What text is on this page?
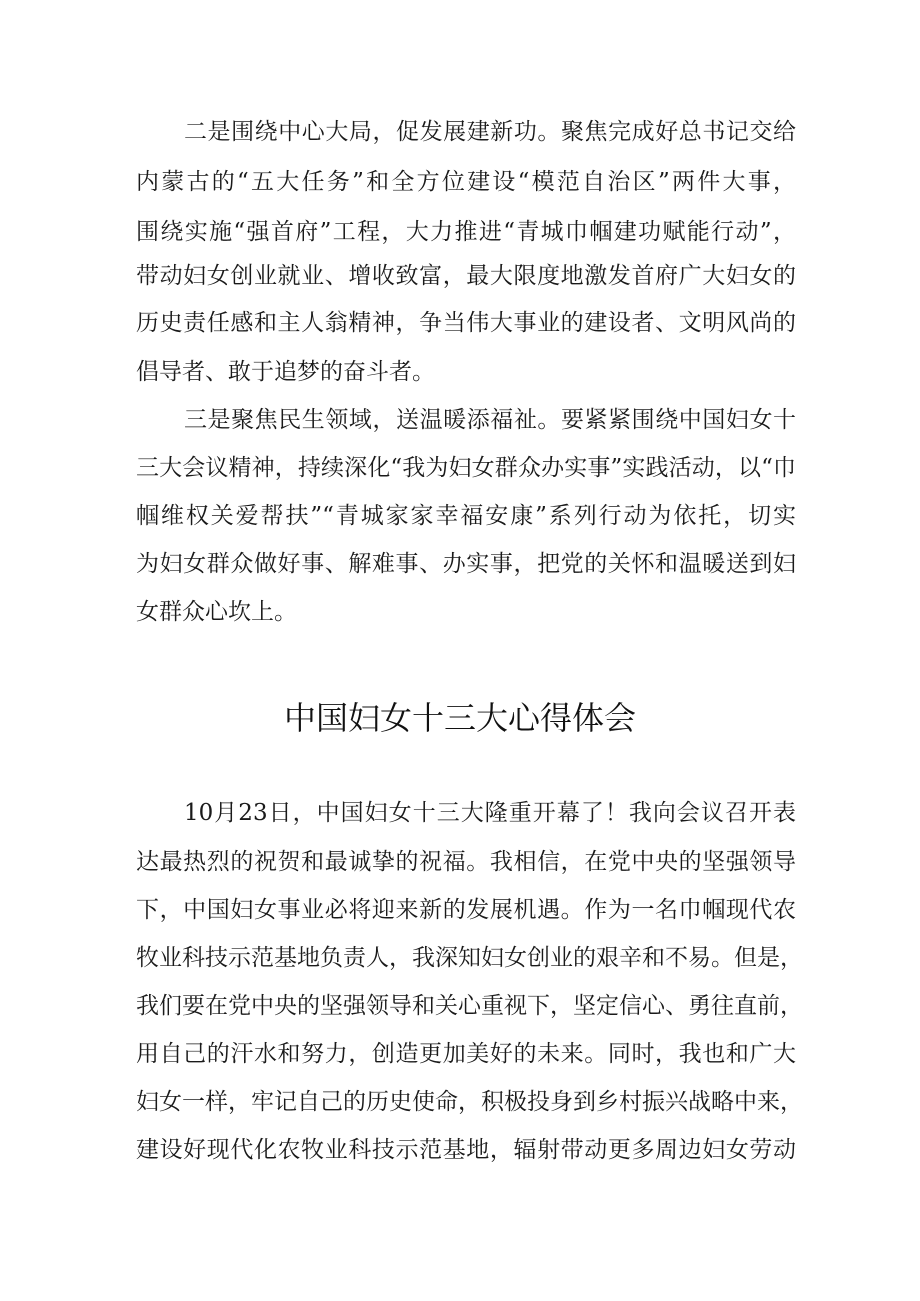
二是围绕中心大局，促发展建新功。聚焦完成好总书记交给
内蒙古的“五大任务”和全方位建设“模范自治区”两件大事，
围绕实施“强首府”工程，大力推进“青城巾帼建功赋能行动”，
带动妇女创业就业、增收致富，最大限度地激发首府广大妇女的
历史责任感和主人翁精神，争当伟大事业的建设者、文明风尚的
倡导者、敢于追梦的奋斗者。
三是聚焦民生领域，送温暖添福祉。要紧紧围绕中国妇女十
三大会议精神，持续深化“我为妇女群众办实事”实践活动，以“巾
帼维权关爱帮扶”“青城家家幸福安康”系列行动为依托，切实
为妇女群众做好事、解难事、办实事，把党的关怀和温暖送到妇
女群众心坎上。
中国妇女十三大心得体会
10月23日，中国妇女十三大隆重开幕了！我向会议召开表
达最热烈的祝贺和最诚挚的祝福。我相信，在党中央的坚强领导
下，中国妇女事业必将迎来新的发展机遇。作为一名巾帼现代农
牧业科技示范基地负责人，我深知妇女创业的艰辛和不易。但是，
我们要在党中央的坚强领导和关心重视下，坚定信心、勇往直前，
用自己的汗水和努力，创造更加美好的未来。同时，我也和广大
妇女一样，牢记自己的历史使命，积极投身到乡村振兴战略中来，
建设好现代化农牧业科技示范基地，辐射带动更多周边妇女劳动
